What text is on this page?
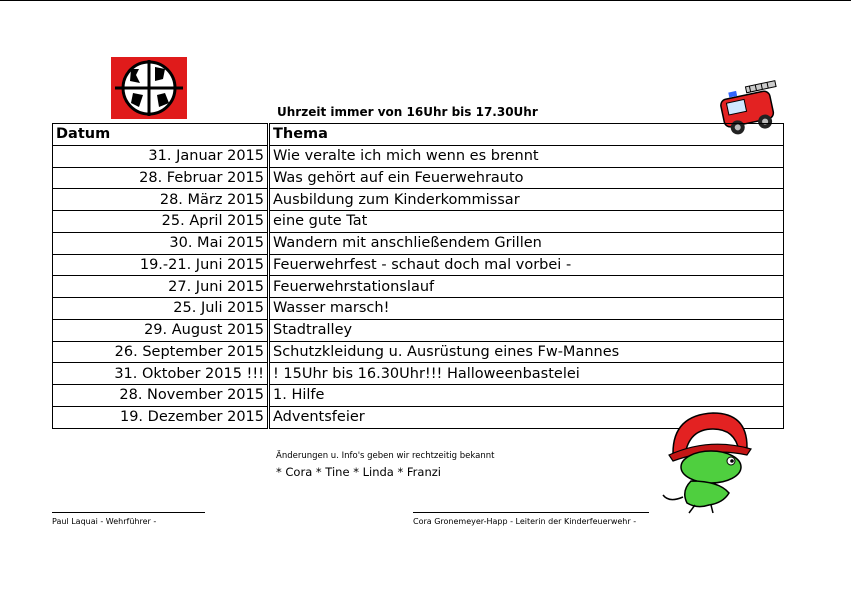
Uhrzeit immer von 16Uhr bis 17.30Uhr
Datum	Thema
31. Januar 2015	Wie veralte ich mich wenn es brennt
28. Februar 2015	Was gehört auf ein Feuerwehrauto
28. März 2015	Ausbildung zum Kinderkommissar
25. April 2015	eine gute Tat
30. Mai 2015	Wandern mit anschließendem Grillen
19.-21. Juni 2015	Feuerwehrfest - schaut doch mal vorbei -
27. Juni 2015	Feuerwehrstationslauf
25. Juli 2015	Wasser marsch!
29. August 2015	Stadtralley
26. September 2015	Schutzkleidung u. Ausrüstung eines Fw-Mannes
31. Oktober 2015 !!!	! 15Uhr bis 16.30Uhr!!! Halloweenbastelei
28. November 2015	1. Hilfe
19. Dezember 2015	Adventsfeier
Änderungen u. Info's geben wir rechtzeitig bekannt
* Cora * Tine * Linda * Franzi
Paul Laquai - Wehrführer -	Cora Gronemeyer-Happ - Leiterin der Kinderfeuerwehr -
